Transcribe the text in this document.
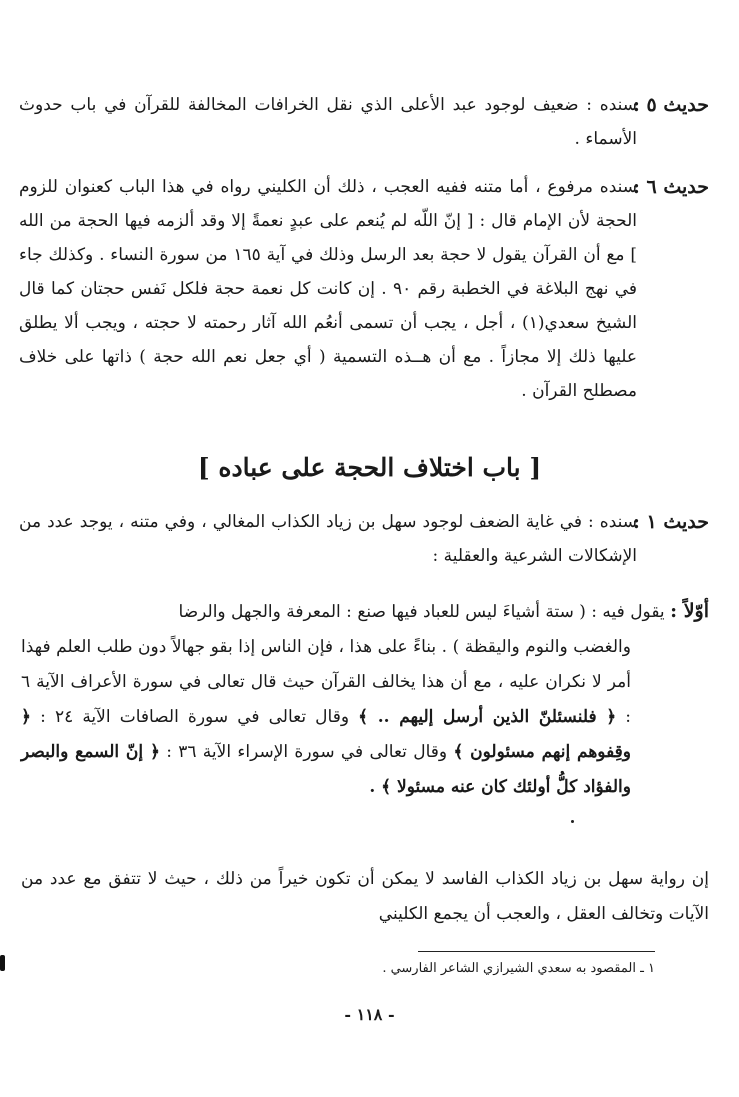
حديث ٥ :
سنده : ضعيف لوجود عبد الأعلى الذي نقل الخرافات المخالفة للقرآن في باب حدوث الأسماء .
حديث ٦ :
سنده مرفوع ، أما متنه ففيه العجب ، ذلك أن الكليني رواه في هذا الباب كعنوان للزوم الحجة لأن الإمام قال : [ إنّ اللّه لم يُنعم على عبدٍ نعمةً إلا وقد ألزمه فيها الحجة من الله ] مع أن القرآن يقول لا حجة بعد الرسل وذلك في آية ١٦٥ من سورة النساء . وكذلك جاء في نهج البلاغة في الخطبة رقم ٩٠ . إن كانت كل نعمة حجة فلكل نَفس حجتان كما قال الشيخ سعدي(١) ، أجل ، يجب أن تسمى أنعُم الله آثار رحمته لا حجته ، ويجب ألا يطلق عليها ذلك إلا مجازاً . مع أن هــذه التسمية ( أي جعل نعم الله حجة ) ذاتها على خلاف مصطلح القرآن .
[ باب اختلاف الحجة على عباده ]
حديث ١ :
سنده : في غاية الضعف لوجود سهل بن زياد الكذاب المغالي ، وفي متنه ، يوجد عدد من الإشكالات الشرعية والعقلية :
أوّلاً : يقول فيه : ( ستة أشياءَ ليس للعباد فيها صنع : المعرفة والجهل والرضا
والغضب والنوم واليقظة ) . بناءً على هذا ، فإن الناس إذا بقو جهالاً دون طلب العلم فهذا أمر لا نكران عليه ، مع أن هذا يخالف القرآن حيث قال تعالى في سورة الأعراف الآية ٦ : ﴿ فلنسئلنّ الذين أرسل إليهم .. ﴾ وقال تعالى في سورة الصافات الآية ٢٤ : ﴿ وقِفوهم إنهم مسئولون ﴾ وقال تعالى في سورة الإسراء الآية ٣٦ : ﴿ إنّ السمع والبصر والفؤاد كلُّ أولئك كان عنه مسئولا ﴾ .
إن رواية سهل بن زياد الكذاب الفاسد لا يمكن أن تكون خيراً من ذلك ، حيث لا تتفق مع عدد من الآيات وتخالف العقل ، والعجب أن يجمع الكليني
١ ـ المقصود به سعدي الشيرازي الشاعر الفارسي .
- ١١٨ -
